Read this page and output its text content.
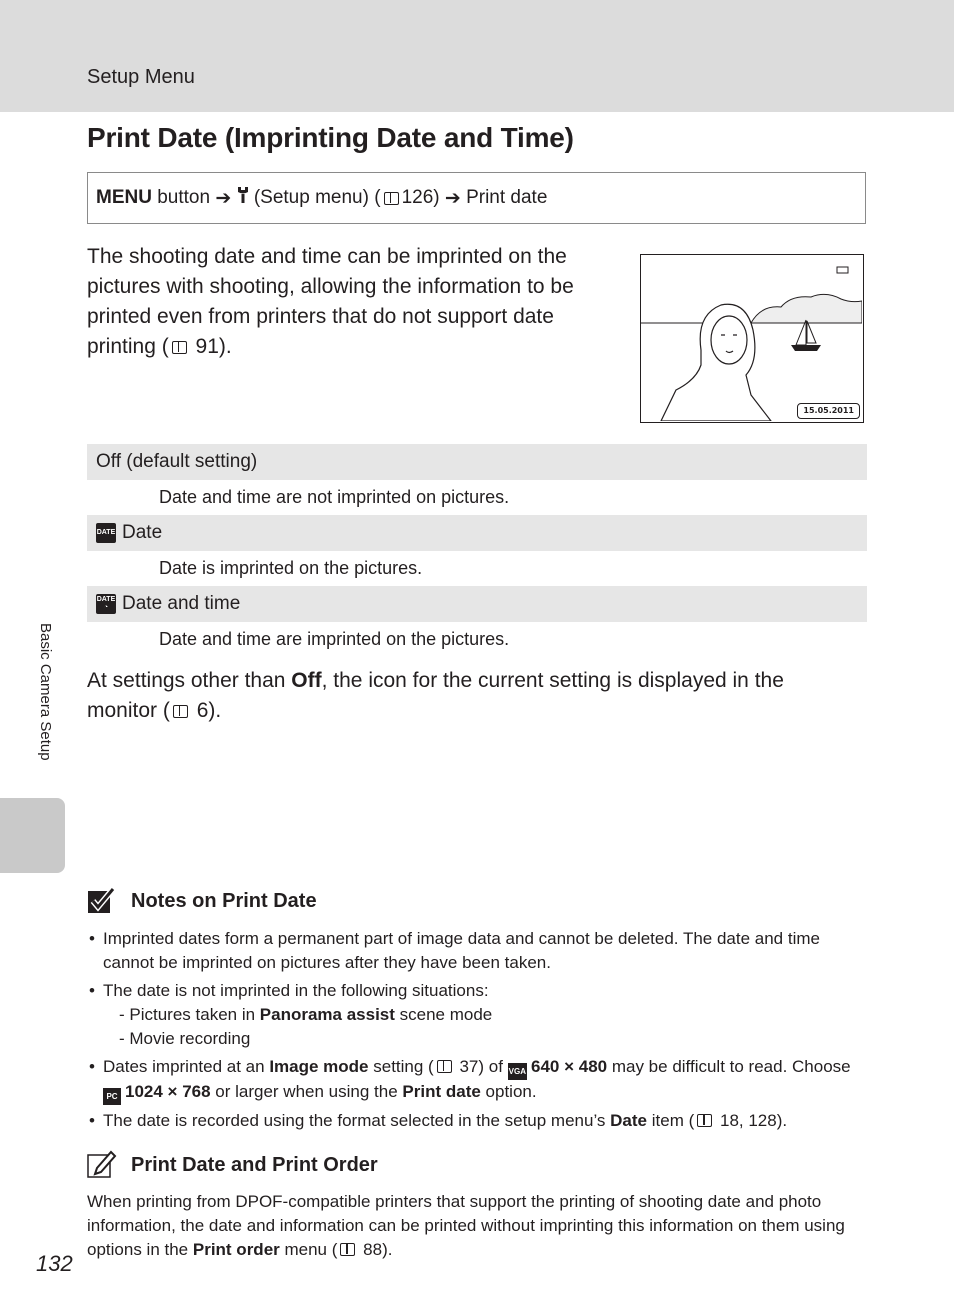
Setup Menu
Print Date (Imprinting Date and Time)
MENU
button
➔

(Setup menu) ( 126 )
➔
Print date

The shooting date and time can be imprinted on the pictures with shooting, allowing the information to be printed even from printers that do not support date printing ( 91).

15.05.2011
Off (default setting)
Date and time are not imprinted on pictures.
DATE Date
Date is imprinted on the pictures.
DATE
◔ Date and time
Date and time are imprinted on the pictures.

At settings other than Off, the icon for the current setting is displayed in the monitor ( 6).

Basic Camera Setup
Notes on Print Date
• Imprinted dates form a permanent part of image data and cannot be deleted. The date and time cannot be imprinted on pictures after they have been taken.
• The date is not imprinted in the following situations:
- Pictures taken in Panorama assist scene mode
- Movie recording
• Dates imprinted at an Image mode setting ( 37) of VGA 640 × 480 may be difficult to read. Choose PC 1024 × 768 or larger when using the Print date option.
• The date is recorded using the format selected in the setup menu’s Date item ( 18, 128).
Print Date and Print Order

When printing from DPOF-compatible printers that support the printing of shooting date and photo information, the date and information can be printed without imprinting this information on them using options in the Print order menu ( 88).

132
